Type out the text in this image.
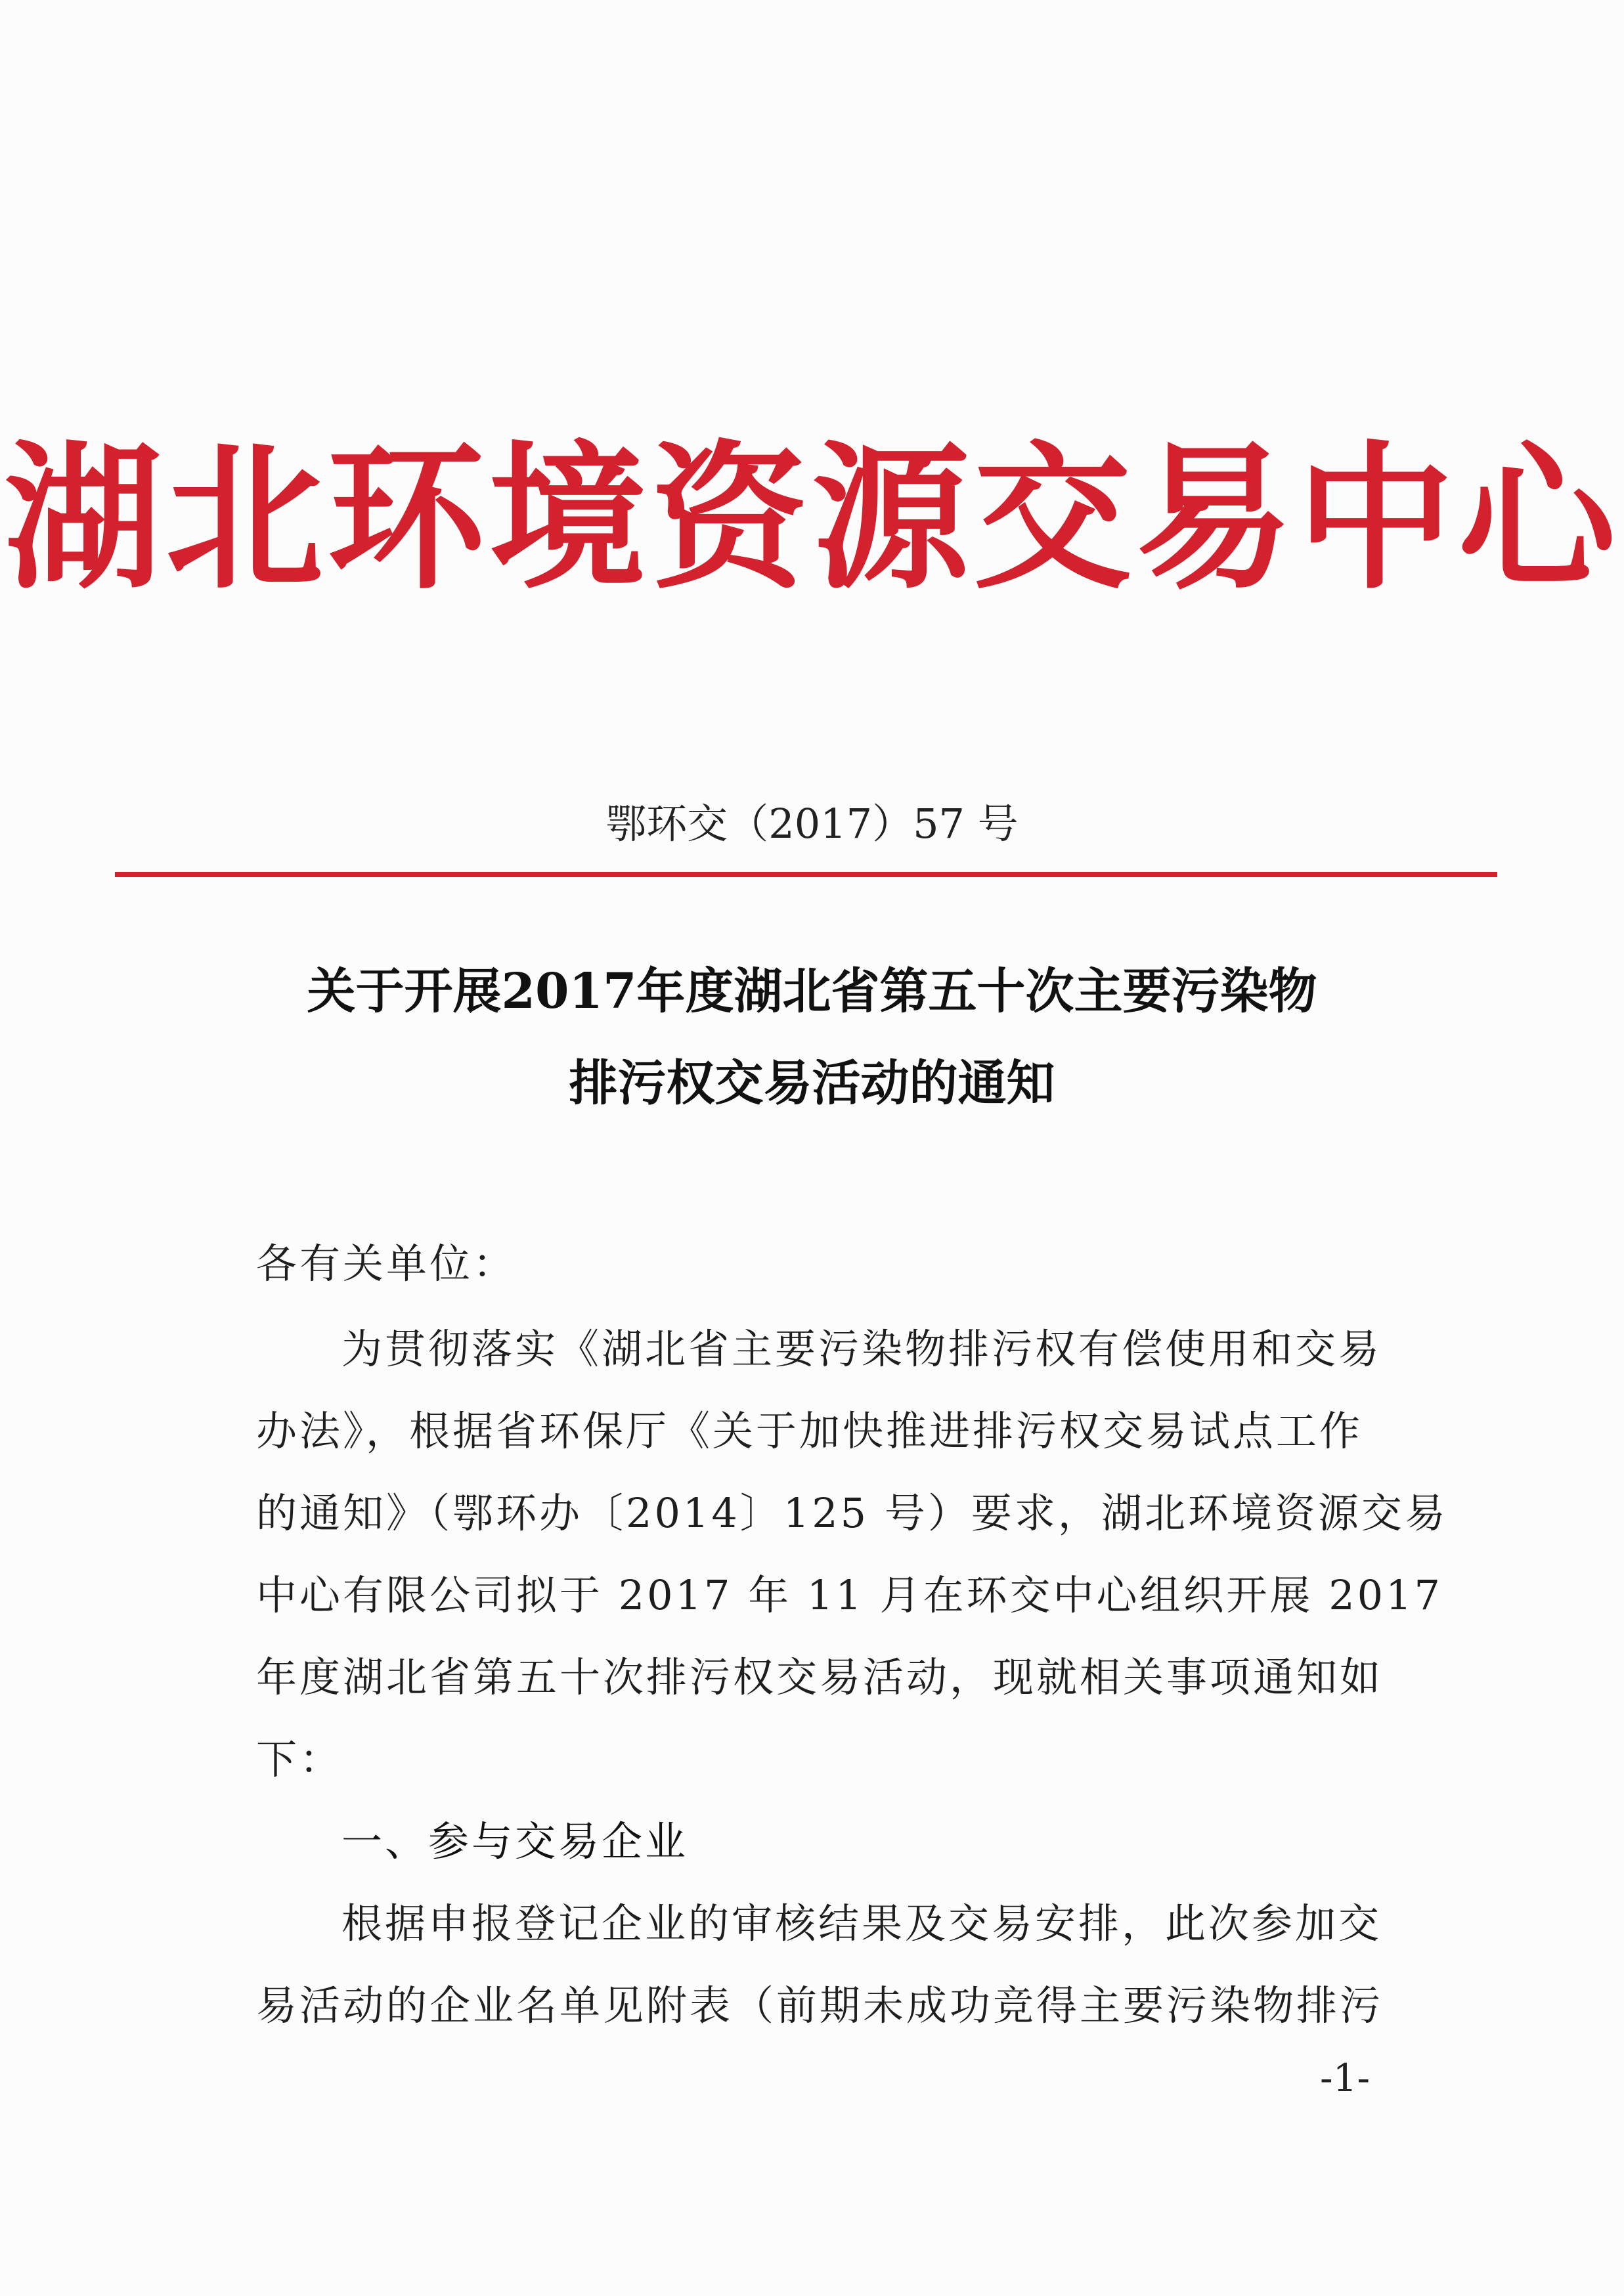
湖北环境资源交易中心
鄂环交（2017）57 号
关于开展2017年度湖北省第五十次主要污染物
排污权交易活动的通知
各有关单位：
为贯彻落实《湖北省主要污染物排污权有偿使用和交易
办法》，根据省环保厅《关于加快推进排污权交易试点工作
的通知》（鄂环办〔2014〕125 号）要求，湖北环境资源交易
中心有限公司拟于 2017 年 11 月在环交中心组织开展 2017
年度湖北省第五十次排污权交易活动，现就相关事项通知如
下：
一、参与交易企业
根据申报登记企业的审核结果及交易安排，此次参加交
易活动的企业名单见附表（前期未成功竞得主要污染物排污
-1-
